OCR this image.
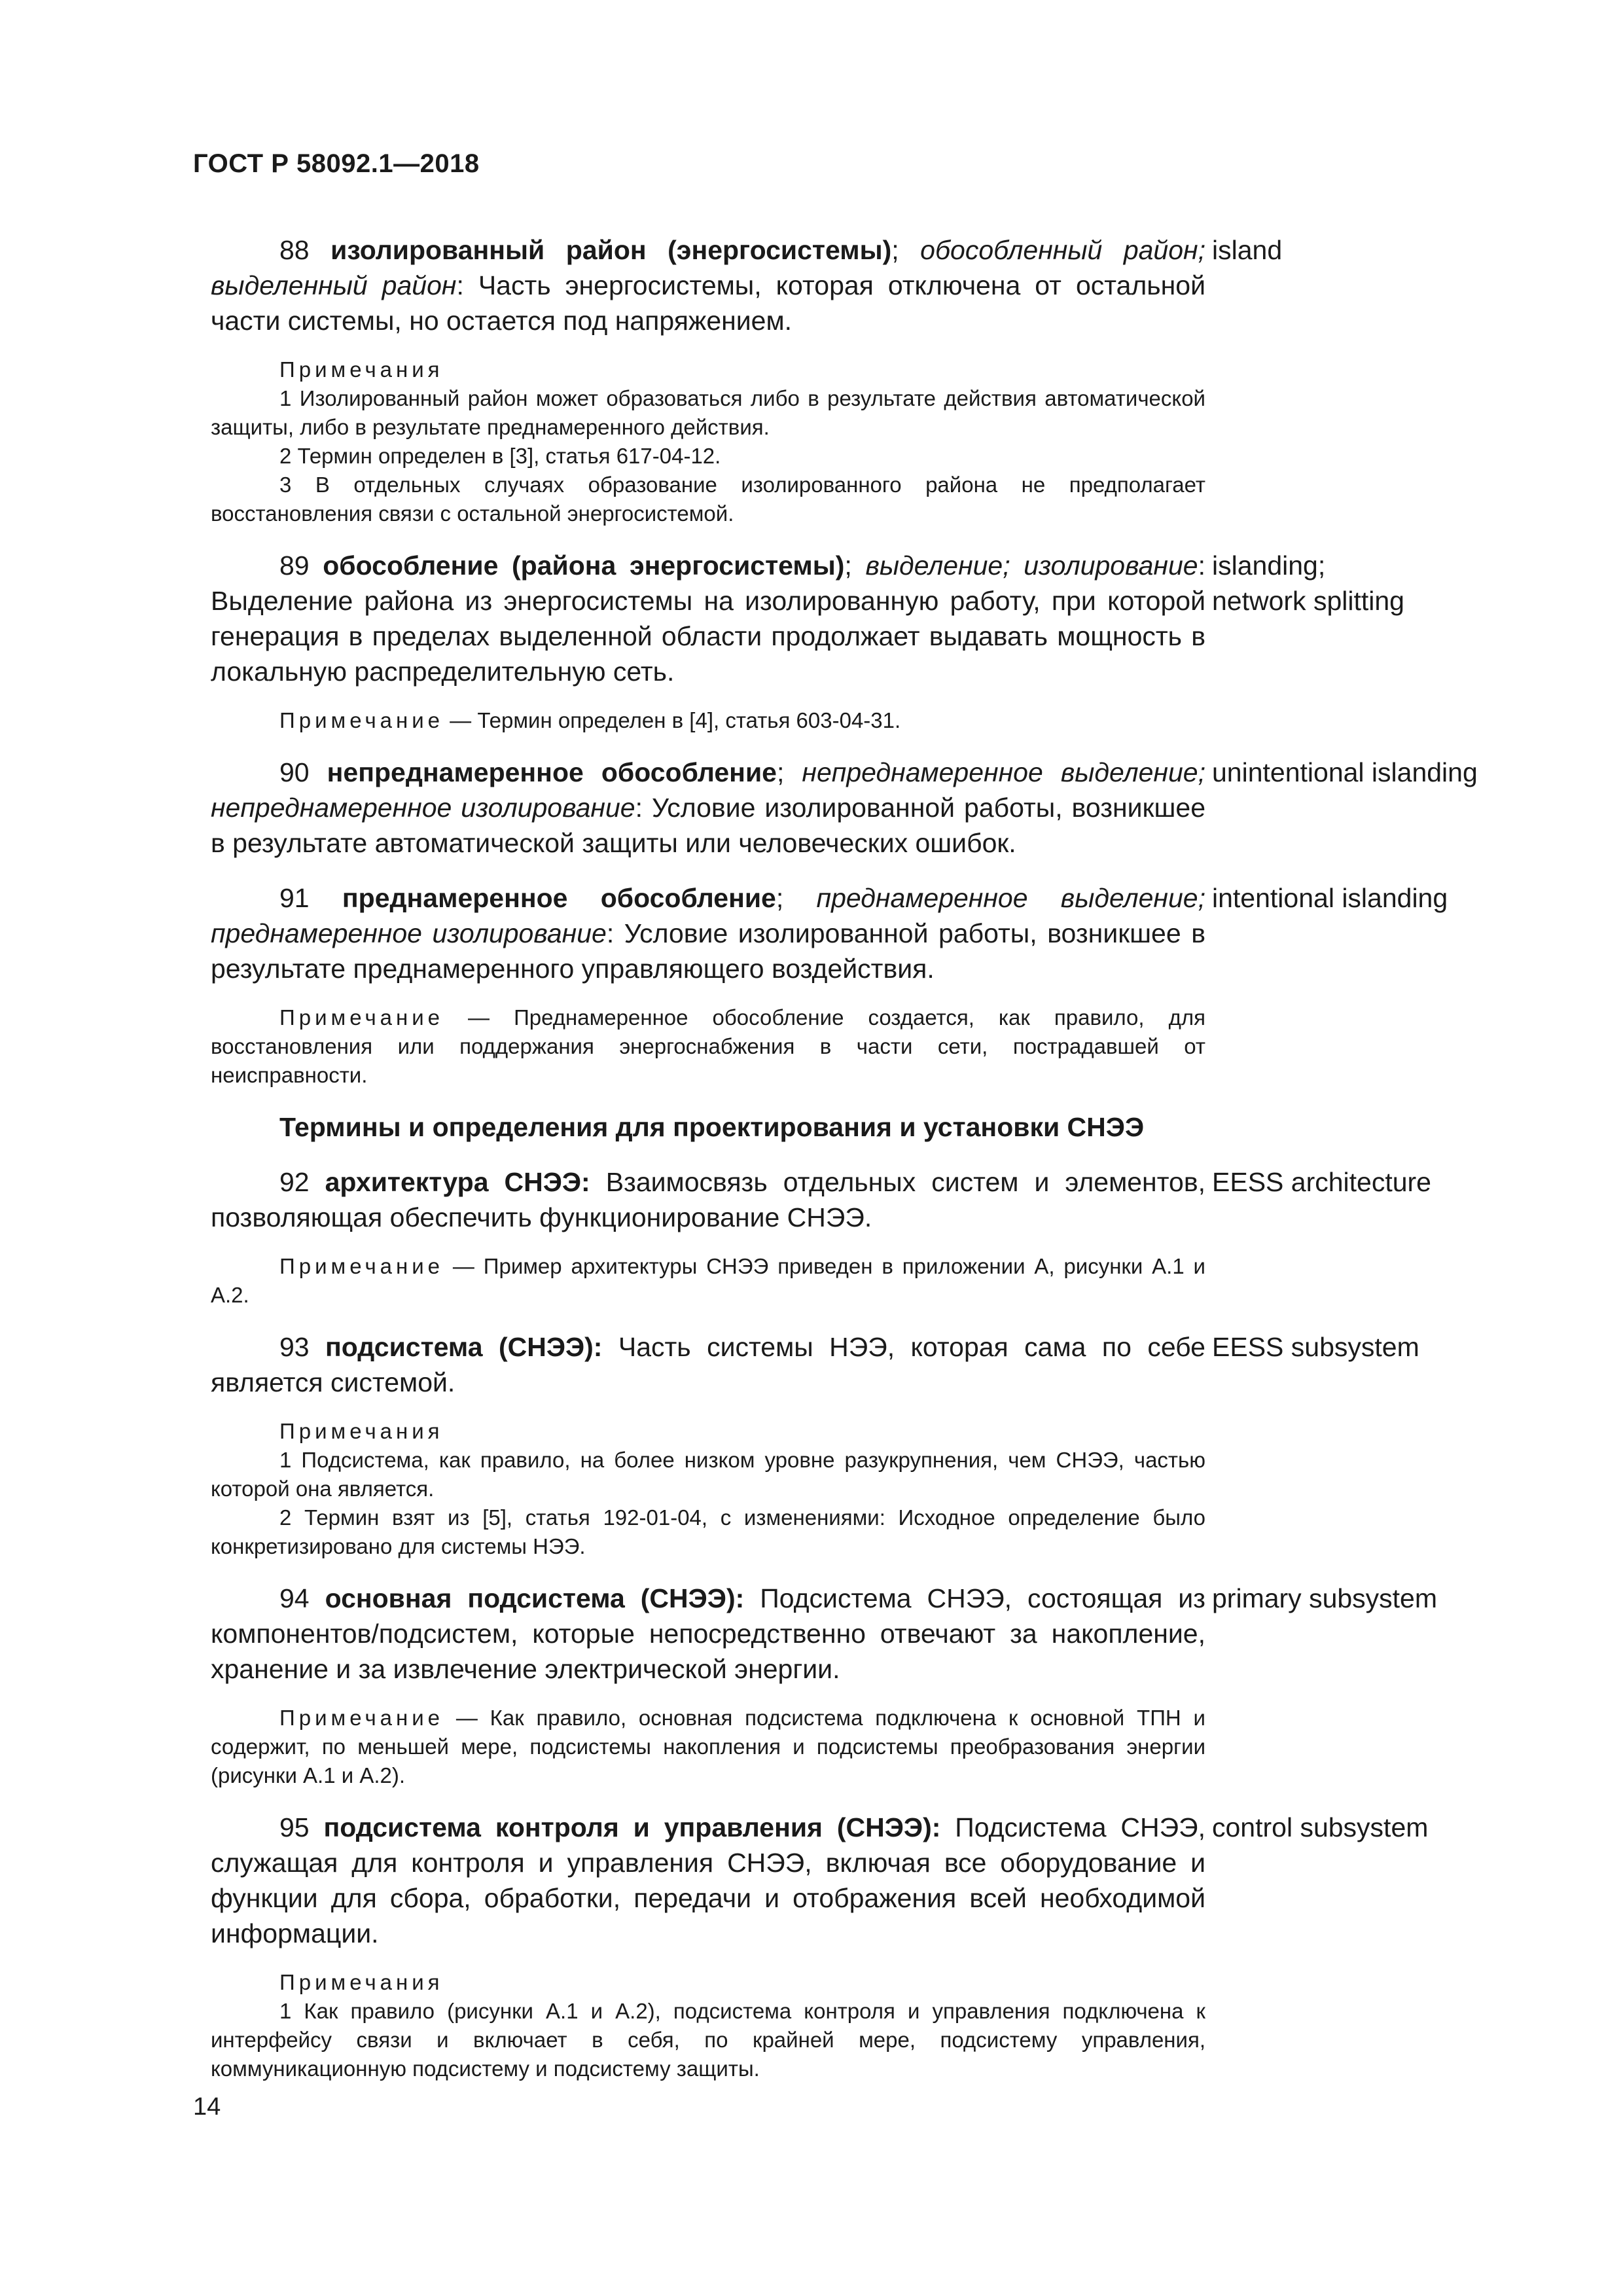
ГОСТ Р 58092.1—2018
island

88 изолированный район (энергосистемы); обособленный район; выделенный район: Часть энергосистемы, которая отключена от остальной части системы, но остается под напряжением.

Примечания

1 Изолированный район может образоваться либо в результате действия автоматической защиты, либо в результате преднамеренного действия.

2 Термин определен в [3], статья 617-04-12.

3 В отдельных случаях образование изолированного района не предполагает восстановления связи с остальной энергосистемой.

islanding;
network splitting

89 обособление (района энергосистемы); выделение; изолирование: Выделение района из энергосистемы на изолированную работу, при которой генерация в пределах выделенной области продолжает выдавать мощность в локальную распределительную сеть.

Примечание — Термин определен в [4], статья 603-04-31.

unintentional islanding

90 непреднамеренное обособление; непреднамеренное выделение; непреднамеренное изолирование: Условие изолированной работы, возникшее в результате автоматической защиты или человеческих ошибок.

intentional islanding

91 преднамеренное обособление; преднамеренное выделение; преднамеренное изолирование: Условие изолированной работы, возникшее в результате преднамеренного управляющего воздействия.

Примечание — Преднамеренное обособление создается, как правило, для восстановления или поддержания энергоснабжения в части сети, пострадавшей от неисправности.

Термины и определения для проектирования и установки СНЭЭ

EESS architecture

92 архитектура СНЭЭ: Взаимосвязь отдельных систем и элементов, позволяющая обеспечить функционирование СНЭЭ.

Примечание — Пример архитектуры СНЭЭ приведен в приложении А, рисунки А.1 и А.2.

EESS subsystem

93 подсистема (СНЭЭ): Часть системы НЭЭ, которая сама по себе является системой.

Примечания

1 Подсистема, как правило, на более низком уровне разукрупнения, чем СНЭЭ, частью которой она является.

2 Термин взят из [5], статья 192-01-04, с изменениями: Исходное определение было конкретизировано для системы НЭЭ.

primary subsystem

94 основная подсистема (СНЭЭ): Подсистема СНЭЭ, состоящая из компонентов/подсистем, которые непосредственно отвечают за накопление, хранение и за извлечение электрической энергии.

Примечание — Как правило, основная подсистема подключена к основной ТПН и содержит, по меньшей мере, подсистемы накопления и подсистемы преобразования энергии (рисунки А.1 и А.2).

control subsystem

95 подсистема контроля и управления (СНЭЭ): Подсистема СНЭЭ, служащая для контроля и управления СНЭЭ, включая все оборудование и функции для сбора, обработки, передачи и отображения всей необходимой информации.

Примечания

1 Как правило (рисунки А.1 и А.2), подсистема контроля и управления подключена к интерфейсу связи и включает в себя, по крайней мере, подсистему управления, коммуникационную подсистему и подсистему защиты.

14
